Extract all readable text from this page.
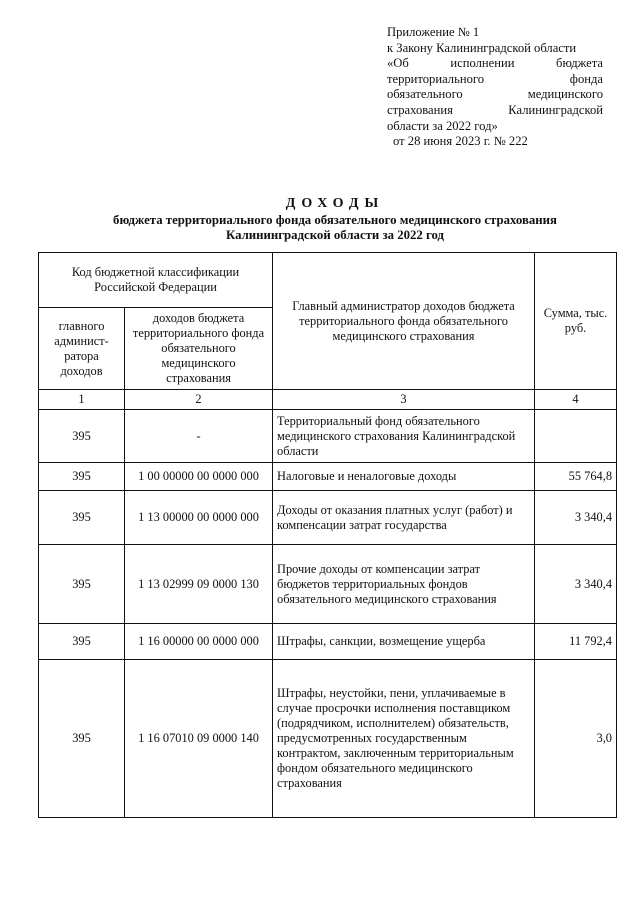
Приложение № 1
к Закону Калининградской области
«Об исполнении бюджета
территориального фонда
обязательного медицинского
страхования Калининградской
области за 2022 год»
от 28 июня 2023 г. № 222
ДОХОДЫ
бюджета территориального фонда обязательного медицинского страхования
Калининградской области за 2022 год
Код бюджетной классификации Российской Федерации		Главный администратор доходов бюджета территориального фонда обязательного медицинского страхования	Сумма, тыс. руб.
главного админист-ратора доходов	доходов бюджета территориального фонда обязательного медицинского страхования		
1	2	3	4
395	-	Территориальный фонд обязательного медицинского страхования Калининградской области	
395	1 00 00000 00 0000 000	Налоговые и неналоговые доходы	55 764,8
395	1 13 00000 00 0000 000	Доходы от оказания платных услуг (работ) и компенсации затрат государства	3 340,4
395	1 13 02999 09 0000 130	Прочие доходы от компенсации затрат бюджетов территориальных фондов обязательного медицинского страхования	3 340,4
395	1 16 00000 00 0000 000	Штрафы, санкции, возмещение ущерба	11 792,4
395	1 16 07010 09 0000 140	Штрафы, неустойки, пени, уплачиваемые в случае просрочки исполнения поставщиком (подрядчиком, исполнителем) обязательств, предусмотренных государственным контрактом, заключенным территориальным фондом обязательного медицинского страхования	3,0
